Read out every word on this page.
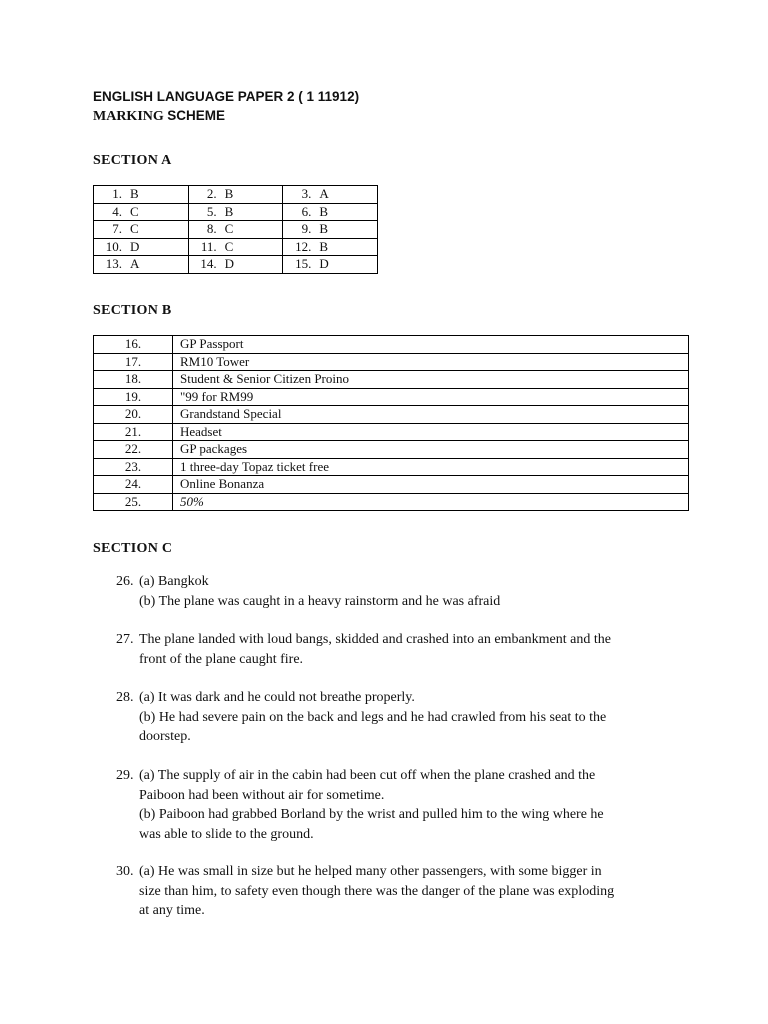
ENGLISH LANGUAGE PAPER 2 ( 1 11912)
MARKING SCHEME
SECTION A
1. B	2. B	3. A
4. C	5. B	6. B
7. C	8. C	9. B
10. D	11. C	12. B
13. A	14. D	15. D
SECTION B
16.	GP Passport
17.	RM10 Tower
18.	Student & Senior Citizen Proino
19.	"99 for RM99
20.	Grandstand Special
21.	Headset
22.	GP packages
23.	1 three-day Topaz ticket free
24.	Online Bonanza
25.	50%
SECTION C
26. (a) Bangkok
(b) The plane was caught in a heavy rainstorm and he was afraid
27. The plane landed with loud bangs, skidded and crashed into an embankment and the
front of the plane caught fire.
28. (a) It was dark and he could not breathe properly.
(b) He had severe pain on the back and legs and he had crawled from his seat to the
doorstep.
29. (a) The supply of air in the cabin had been cut off when the plane crashed and the
Paiboon had been without air for sometime.
(b) Paiboon had grabbed Borland by the wrist and pulled him to the wing where he
was able to slide to the ground.
30. (a) He was small in size but he helped many other passengers, with some bigger in
size than him, to safety even though there was the danger of the plane was exploding
at any time.
